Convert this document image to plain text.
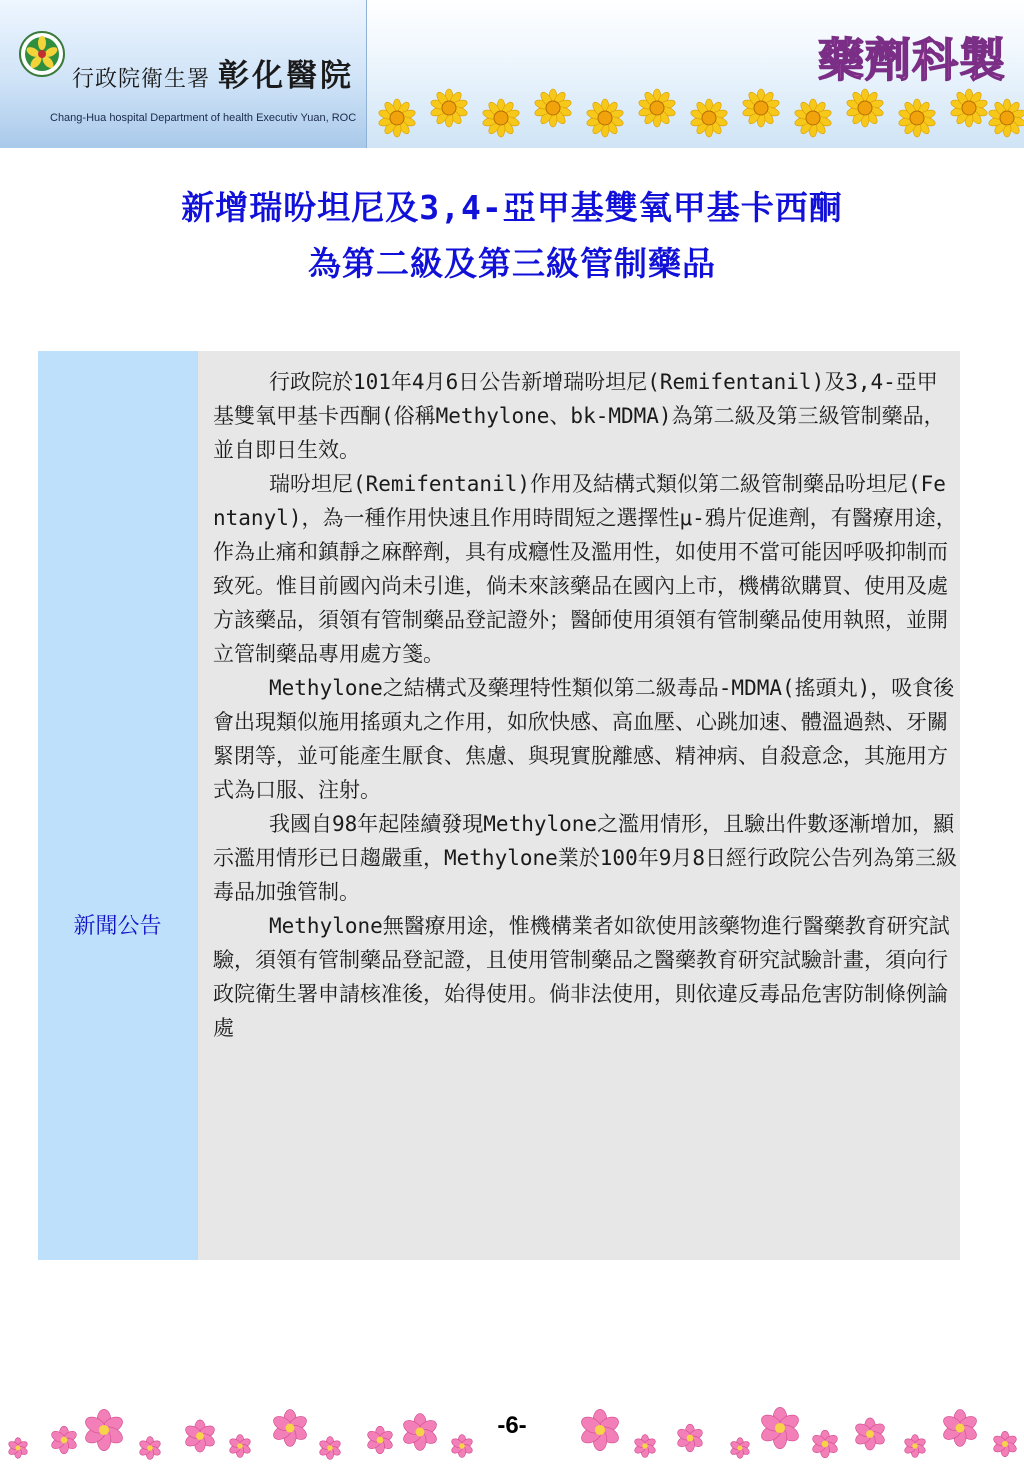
行政院衛生署 彰化醫院
Chang-Hua hospital Department of health Executiv Yuan, ROC
藥劑科製
新增瑞吩坦尼及3,4-亞甲基雙氧甲基卡西酮
為第二級及第三級管制藥品
新聞公告

行政院於101年4月6日公告新增瑞吩坦尼(Remifentanil)及3,4-亞甲基雙氧甲基卡西酮(俗稱Methylone、bk-MDMA)為第二級及第三級管制藥品，並自即日生效。

瑞吩坦尼(Remifentanil)作用及結構式類似第二級管制藥品吩坦尼(Fentanyl)，為一種作用快速且作用時間短之選擇性μ-鴉片促進劑，有醫療用途，作為止痛和鎮靜之麻醉劑，具有成癮性及濫用性，如使用不當可能因呼吸抑制而致死。惟目前國內尚未引進，倘未來該藥品在國內上市，機構欲購買、使用及處方該藥品，須領有管制藥品登記證外；醫師使用須領有管制藥品使用執照，並開立管制藥品專用處方箋。

Methylone之結構式及藥理特性類似第二級毒品-MDMA(搖頭丸)，吸食後會出現類似施用搖頭丸之作用，如欣快感、高血壓、心跳加速、體溫過熱、牙關緊閉等，並可能產生厭食、焦慮、與現實脫離感、精神病、自殺意念，其施用方式為口服、注射。

我國自98年起陸續發現Methylone之濫用情形，且驗出件數逐漸增加，顯示濫用情形已日趨嚴重，Methylone業於100年9月8日經行政院公告列為第三級毒品加強管制。

Methylone無醫療用途，惟機構業者如欲使用該藥物進行醫藥教育研究試驗，須領有管制藥品登記證，且使用管制藥品之醫藥教育研究試驗計畫，須向行政院衛生署申請核准後，始得使用。倘非法使用，則依違反毒品危害防制條例論處

-6-
